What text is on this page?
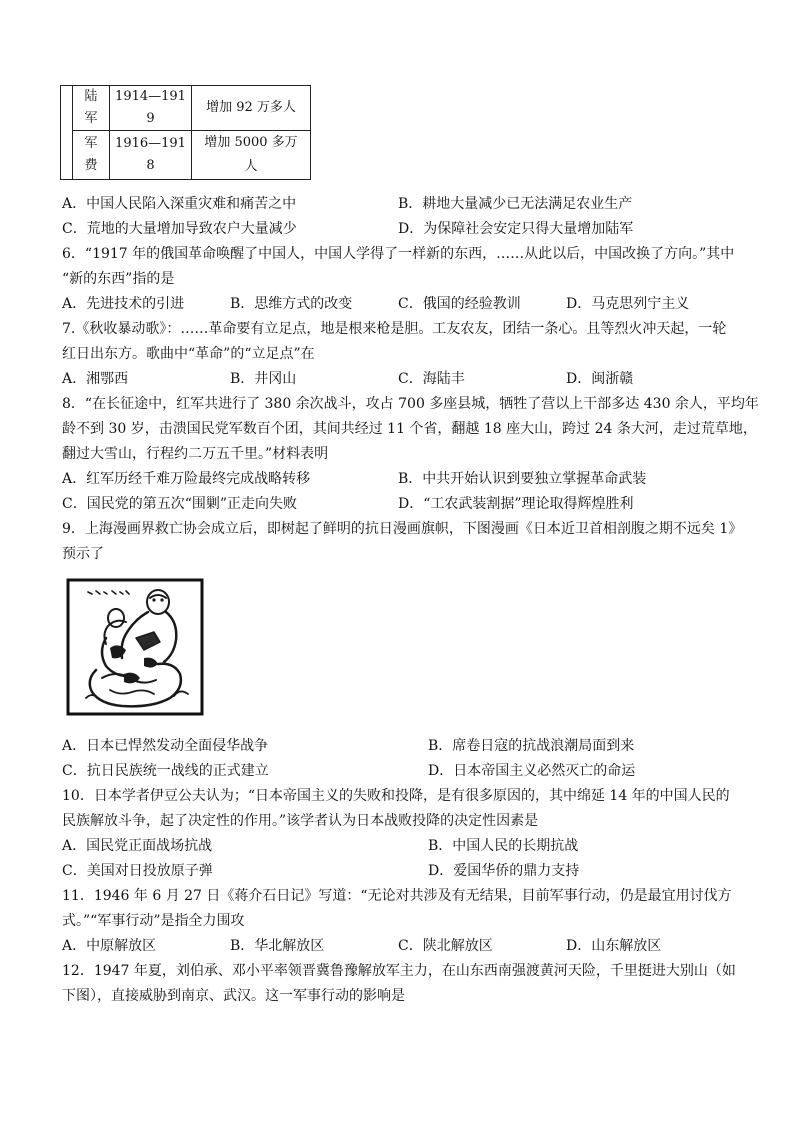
	陆军	1914—1919	增加 92 万多人
	军费	1916—1918	增加 5000 多万人
A．中国人民陷入深重灾难和痛苦之中	B．耕地大量减少已无法满足农业生产
C．荒地的大量增加导致农户大量减少	D．为保障社会安定只得大量增加陆军
6．“1917 年的俄国革命唤醒了中国人，中国人学得了一样新的东西，……从此以后，中国改换了方向。”其中
“新的东西”指的是
A．先进技术的引进	B．思维方式的改变	C．俄国的经验教训	D．马克思列宁主义
7.《秋收暴动歌》：……革命要有立足点，地是根来枪是胆。工友农友，团结一条心。且等烈火冲天起，一轮
红日出东方。歌曲中“革命”的“立足点”在
A．湘鄂西	B．井冈山	C．海陆丰	D．闽浙赣
8．“在长征途中，红军共进行了 380 余次战斗，攻占 700 多座县城，牺牲了营以上干部多达 430 余人，平均年
龄不到 30 岁，击溃国民党军数百个团，其间共经过 11 个省，翻越 18 座大山，跨过 24 条大河，走过荒草地，
翻过大雪山，行程约二万五千里。”材料表明
A．红军历经千难万险最终完成战略转移	B．中共开始认识到要独立掌握革命武装
C．国民党的第五次“围剿”正走向失败	D．“工农武装割据”理论取得辉煌胜利
9．上海漫画界救亡协会成立后，即树起了鲜明的抗日漫画旗帜，下图漫画《日本近卫首相剖腹之期不远矣 1》
预示了
A．日本已悍然发动全面侵华战争	B．席卷日寇的抗战浪潮局面到来
C．抗日民族统一战线的正式建立	D．日本帝国主义必然灭亡的命运
10．日本学者伊豆公夫认为；“日本帝国主义的失败和投降，是有很多原因的，其中绵延 14 年的中国人民的
民族解放斗争，起了决定性的作用。”该学者认为日本战败投降的决定性因素是
A．国民党正面战场抗战	B．中国人民的长期抗战
C．美国对日投放原子弹	D．爱国华侨的鼎力支持
11．1946 年 6 月 27 日《蒋介石日记》写道：“无论对共涉及有无结果，目前军事行动，仍是最宜用讨伐方
式。”“军事行动”是指全力围攻
A．中原解放区	B．华北解放区	C．陕北解放区	D．山东解放区
12．1947 年夏，刘伯承、邓小平率领晋冀鲁豫解放军主力，在山东西南强渡黄河天险，千里挺进大别山（如
下图），直接威胁到南京、武汉。这一军事行动的影响是
